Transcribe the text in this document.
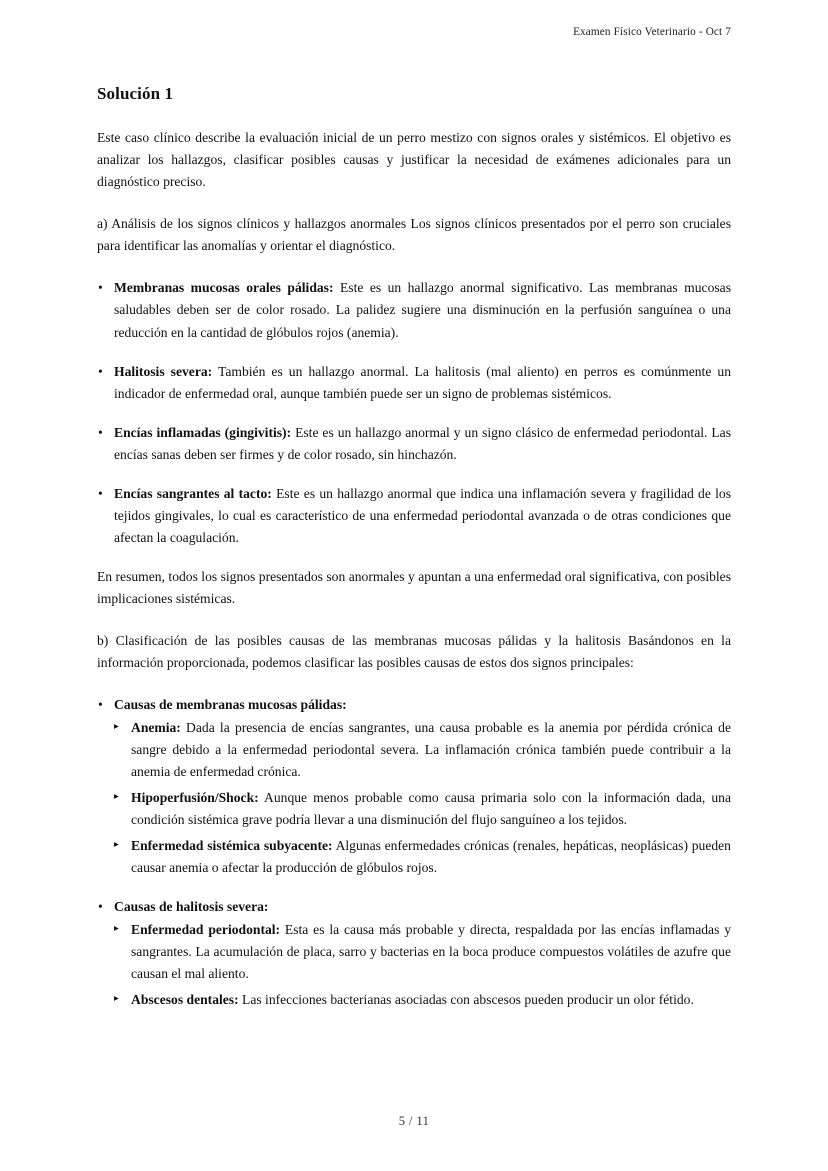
Examen Físico Veterinario - Oct 7
Solución 1

Este caso clínico describe la evaluación inicial de un perro mestizo con signos orales y sistémicos. El objetivo es analizar los hallazgos, clasificar posibles causas y justificar la necesidad de exámenes adicionales para un diagnóstico preciso.

a) Análisis de los signos clínicos y hallazgos anormales Los signos clínicos presentados por el perro son cruciales para identificar las anomalías y orientar el diagnóstico.

• Membranas mucosas orales pálidas: Este es un hallazgo anormal significativo. Las membranas mucosas saludables deben ser de color rosado. La palidez sugiere una disminución en la perfusión sanguínea o una reducción en la cantidad de glóbulos rojos (anemia).
• Halitosis severa: También es un hallazgo anormal. La halitosis (mal aliento) en perros es comúnmente un indicador de enfermedad oral, aunque también puede ser un signo de problemas sistémicos.
• Encías inflamadas (gingivitis): Este es un hallazgo anormal y un signo clásico de enfermedad periodontal. Las encías sanas deben ser firmes y de color rosado, sin hinchazón.
• Encías sangrantes al tacto: Este es un hallazgo anormal que indica una inflamación severa y fragilidad de los tejidos gingivales, lo cual es característico de una enfermedad periodontal avanzada o de otras condiciones que afectan la coagulación.

En resumen, todos los signos presentados son anormales y apuntan a una enfermedad oral significativa, con posibles implicaciones sistémicas.

b) Clasificación de las posibles causas de las membranas mucosas pálidas y la halitosis Basándonos en la información proporcionada, podemos clasificar las posibles causas de estos dos signos principales:

• Causas de membranas mucosas pálidas:
▸ Anemia: Dada la presencia de encías sangrantes, una causa probable es la anemia por pérdida crónica de sangre debido a la enfermedad periodontal severa. La inflamación crónica también puede contribuir a la anemia de enfermedad crónica.
▸ Hipoperfusión/Shock: Aunque menos probable como causa primaria solo con la información dada, una condición sistémica grave podría llevar a una disminución del flujo sanguíneo a los tejidos.
▸ Enfermedad sistémica subyacente: Algunas enfermedades crónicas (renales, hepáticas, neoplásicas) pueden causar anemia o afectar la producción de glóbulos rojos.
• Causas de halitosis severa:
▸ Enfermedad periodontal: Esta es la causa más probable y directa, respaldada por las encías inflamadas y sangrantes. La acumulación de placa, sarro y bacterias en la boca produce compuestos volátiles de azufre que causan el mal aliento.
▸ Abscesos dentales: Las infecciones bacterianas asociadas con abscesos pueden producir un olor fétido.
5 / 11
